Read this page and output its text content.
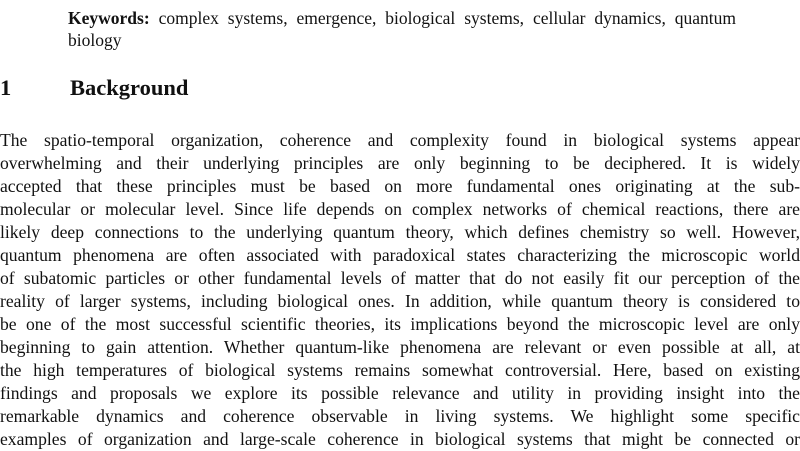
Keywords: complex systems, emergence, biological systems, cellular dynamics, quantum biology
1	Background
The spatio-temporal organization, coherence and complexity found in biological systems appear
overwhelming and their underlying principles are only beginning to be deciphered. It is widely
accepted that these principles must be based on more fundamental ones originating at the sub-
molecular or molecular level. Since life depends on complex networks of chemical reactions, there are
likely deep connections to the underlying quantum theory, which defines chemistry so well. However,
quantum phenomena are often associated with paradoxical states characterizing the microscopic world
of subatomic particles or other fundamental levels of matter that do not easily fit our perception of the
reality of larger systems, including biological ones. In addition, while quantum theory is considered to
be one of the most successful scientific theories, its implications beyond the microscopic level are only
beginning to gain attention. Whether quantum-like phenomena are relevant or even possible at all, at
the high temperatures of biological systems remains somewhat controversial. Here, based on existing
findings and proposals we explore its possible relevance and utility in providing insight into the
remarkable dynamics and coherence observable in living systems. We highlight some specific
examples of organization and large-scale coherence in biological systems that might be connected or
